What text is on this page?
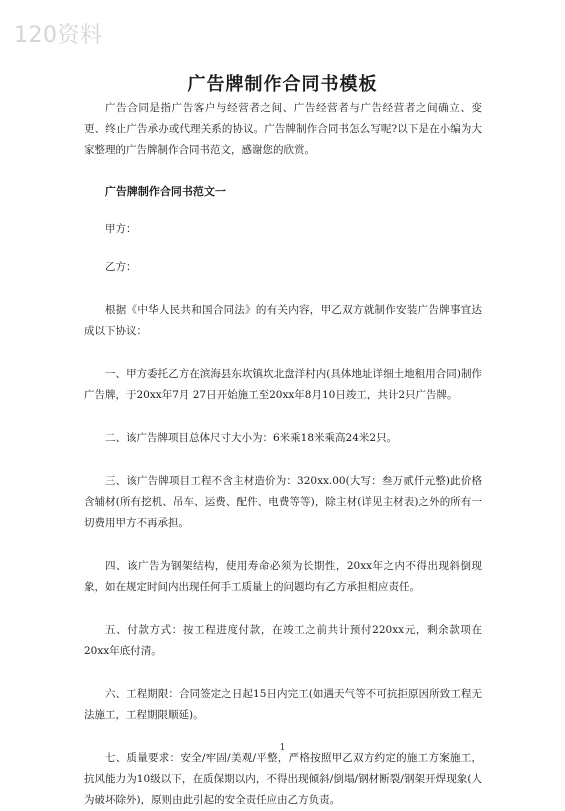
120资料
广告牌制作合同书模板

广告合同是指广告客户与经营者之间、广告经营者与广告经营者之间确立、变更、终止广告承办或代理关系的协议。广告牌制作合同书怎么写呢?以下是在小编为大家整理的广告牌制作合同书范文，感谢您的欣赏。

广告牌制作合同书范文一

甲方：

乙方：

根据《中华人民共和国合同法》的有关内容，甲乙双方就制作安装广告牌事宜达成以下协议：

一、甲方委托乙方在滨海县东坎镇坎北盘洋村内(具体地址详细土地租用合同)制作广告牌，于20xx年7月 27日开始施工至20xx年8月10日竣工，共计2只广告牌。

二、该广告牌项目总体尺寸大小为：6米乘18米乘高24米2只。

三、该广告牌项目工程不含主材造价为：320xx.00(大写：叁万贰仟元整)此价格含辅材(所有挖机、吊车、运费、配件、电费等等)，除主材(详见主材表)之外的所有一切费用甲方不再承担。

四、该广告为钢架结构，使用寿命必须为长期性，20xx年之内不得出现斜倒现象，如在规定时间内出现任何手工质量上的问题均有乙方承担相应责任。

五、付款方式：按工程进度付款，在竣工之前共计预付220xx元，剩余款项在20xx年底付清。

六、工程期限：合同签定之日起15日内完工(如遇天气等不可抗拒原因所致工程无法施工，工程期限顺延)。

七、质量要求：安全/牢固/美观/平整，严格按照甲乙双方约定的施工方案施工，抗风能力为10级以下，在质保期以内，不得出现倾斜/倒塌/钢材断裂/钢架开焊现象(人为破坏除外)，原则由此引起的安全责任应由乙方负责。

1
